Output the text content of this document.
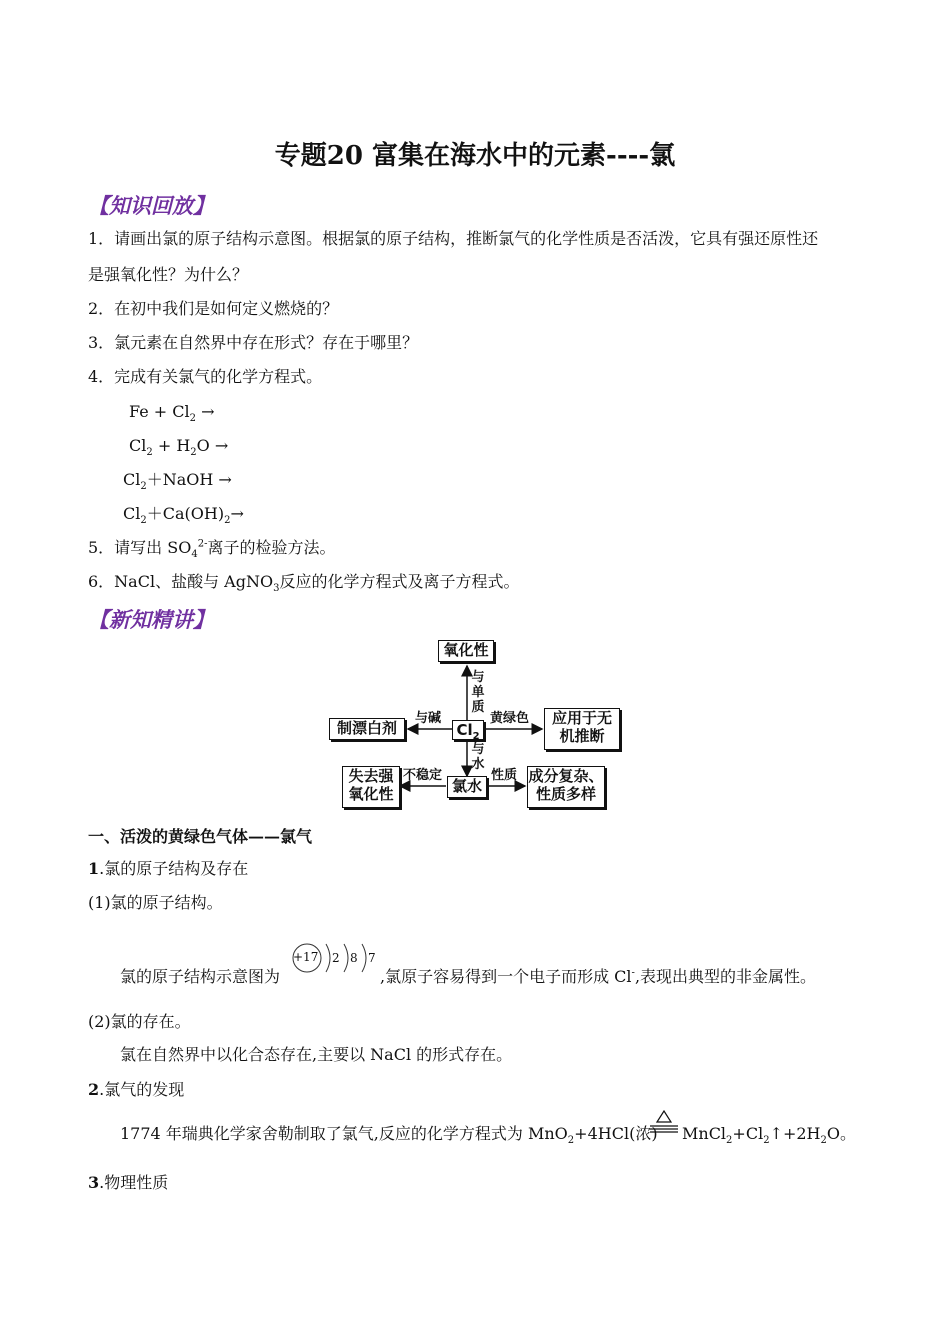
专题20 富集在海水中的元素----氯
【知识回放】
1．请画出氯的原子结构示意图。根据氯的原子结构，推断氯气的化学性质是否活泼，它具有强还原性还
是强氧化性？为什么？
2．在初中我们是如何定义燃烧的？
3．氯元素在自然界中存在形式？存在于哪里？
4．完成有关氯气的化学方程式。
$Fe + Cl_2$ →
$Cl_2 + H_2O$ →
$Cl_2+NaOH$ →
$Cl_2+Ca(OH)_2\to$
5．请写出 $SO_4^{2-}$离子的检验方法。
6．NaCl、盐酸与 AgNO$_3$反应的化学方程式及离子方程式。
【新知精讲】
氧化性
制漂白剂
应用于无
机推断
$Cl_2$
氯水
失去强
氧化性
成分复杂、
性质多样
与单质
与碱	黄绿色
与水
不稳定	性质
一、活泼的黄绿色气体——氯气
1.氯的原子结构及存在
(1)氯的原子结构。
氯的原子结构示意图为
+17 2 8 7
,氯原子容易得到一个电子而形成 Cl-,表现出典型的非金属性。
(2)氯的存在。
氯在自然界中以化合态存在,主要以 NaCl 的形式存在。
2.氯气的发现
1774 年瑞典化学家舍勒制取了氯气,反应的化学方程式为 MnO$_2$+4HCl(浓) $MnCl_2+Cl_2↑+2H_2O$。
3.物理性质
